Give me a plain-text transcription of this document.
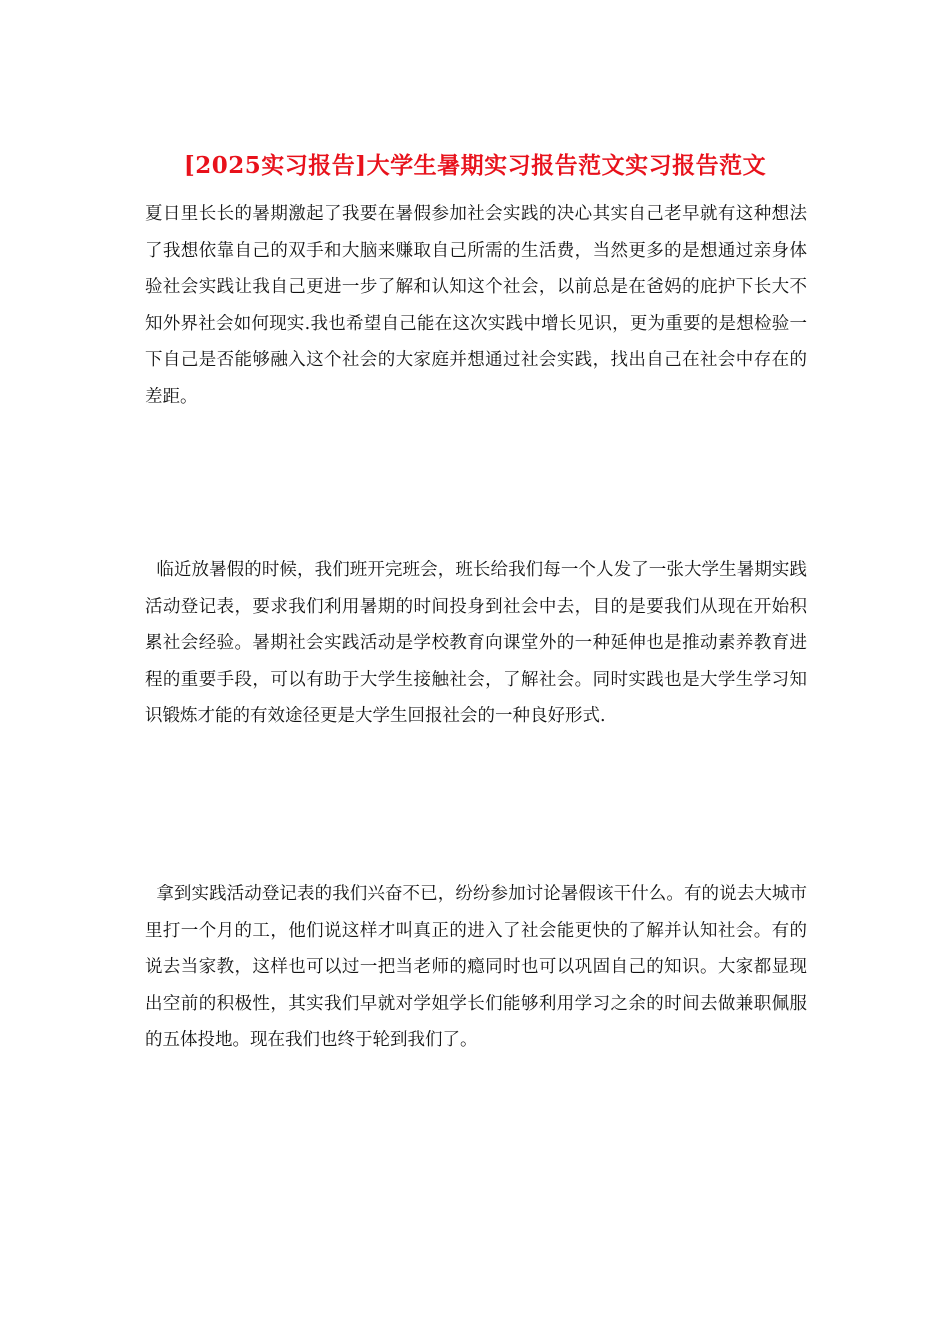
[2025实习报告]大学生暑期实习报告范文实习报告范文

夏日里长长的暑期激起了我要在暑假参加社会实践的决心其实自己老早就有这种想法了我想依靠自己的双手和大脑来赚取自己所需的生活费，当然更多的是想通过亲身体验社会实践让我自己更进一步了解和认知这个社会，以前总是在爸妈的庇护下长大不知外界社会如何现实.我也希望自己能在这次实践中增长见识，更为重要的是想检验一下自己是否能够融入这个社会的大家庭并想通过社会实践，找出自己在社会中存在的差距。

临近放暑假的时候，我们班开完班会，班长给我们每一个人发了一张大学生暑期实践活动登记表，要求我们利用暑期的时间投身到社会中去，目的是要我们从现在开始积累社会经验。暑期社会实践活动是学校教育向课堂外的一种延伸也是推动素养教育进程的重要手段，可以有助于大学生接触社会，了解社会。同时实践也是大学生学习知识锻炼才能的有效途径更是大学生回报社会的一种良好形式.

拿到实践活动登记表的我们兴奋不已，纷纷参加讨论暑假该干什么。有的说去大城市里打一个月的工，他们说这样才叫真正的进入了社会能更快的了解并认知社会。有的说去当家教，这样也可以过一把当老师的瘾同时也可以巩固自己的知识。大家都显现出空前的积极性，其实我们早就对学姐学长们能够利用学习之余的时间去做兼职佩服的五体投地。现在我们也终于轮到我们了。
